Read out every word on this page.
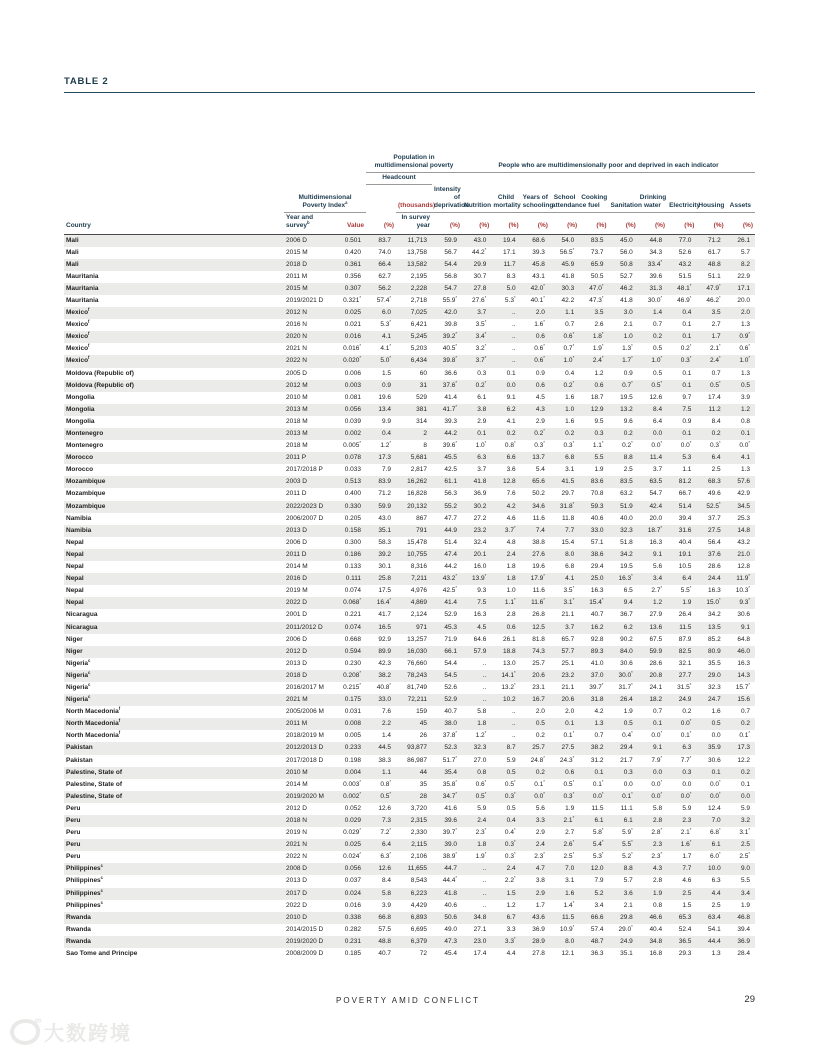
TABLE 2
			Population in multidimensional poverty			People who are multidimensionally poor and deprived in each indicator									
			Headcount												
	Multidimensional Poverty Index$^a$			(thousands)	Intensity of deprivation	Nutrition	Child mortality	Years of schooling	School attendance	Cooking fuel	Sanitation	Drinking water	Electricity	Housing	Assets
Country	Year and survey$^b$	Value	(%)	In survey year	(%)	(%)	(%)	(%)	(%)	(%)	(%)	(%)	(%)	(%)	(%)
Mali	2006 D	0.501	83.7	11,713	59.9	43.0	19.4	68.6	54.0	83.5	45.0	44.8	77.0	71.2	26.1
Mali	2015 M	0.420	74.0	13,758	56.7	44.2*	17.1	39.3	56.5*	73.7	56.0	34.3	52.6	61.7	5.7
Mali	2018 D	0.361	66.4	13,582	54.4	29.9	11.7	45.8	45.9	65.9	50.8	33.4*	43.2	48.8	8.2
Mauritania	2011 M	0.356	62.7	2,195	56.8	30.7	8.3	43.1	41.8	50.5	52.7	39.6	51.5	51.1	22.9
Mauritania	2015 M	0.307	56.2	2,228	54.7	27.8	5.0	42.0*	30.3	47.0*	46.2	31.3	48.1*	47.9*	17.1
Mauritania	2019/2021 D	0.321*	57.4*	2,718	55.9*	27.6*	5.3*	40.1*	42.2	47.3*	41.8	30.0*	46.9*	46.2*	20.0
Mexico$^f$	2012 N	0.025	6.0	7,025	42.0	3.7	..	2.0	1.1	3.5	3.0	1.4	0.4	3.5	2.0
Mexico$^f$	2016 N	0.021	5.3*	6,421	39.8	3.5*	..	1.6*	0.7	2.6	2.1	0.7	0.1	2.7	1.3
Mexico$^f$	2020 N	0.016	4.1	5,245	39.2*	3.4*	..	0.6	0.6*	1.8*	1.0	0.2	0.1	1.7	0.9*
Mexico$^f$	2021 N	0.016*	4.1*	5,203	40.5*	3.2*	..	0.6*	0.7*	1.9*	1.3*	0.5	0.2*	2.1*	0.6*
Mexico$^f$	2022 N	0.020*	5.0*	6,434	39.8*	3.7*	..	0.6*	1.0*	2.4*	1.7*	1.0*	0.3*	2.4*	1.0*
Moldova (Republic of)	2005 D	0.006	1.5	60	36.6	0.3	0.1	0.9	0.4	1.2	0.9	0.5	0.1	0.7	1.3
Moldova (Republic of)	2012 M	0.003	0.9	31	37.6*	0.2*	0.0	0.6	0.2*	0.6	0.7*	0.5*	0.1	0.5*	0.5
Mongolia	2010 M	0.081	19.6	529	41.4	6.1	9.1	4.5	1.6	18.7	19.5	12.6	9.7	17.4	3.9
Mongolia	2013 M	0.056	13.4	381	41.7*	3.8	6.2	4.3	1.0	12.9	13.2	8.4	7.5	11.2	1.2
Mongolia	2018 M	0.039	9.9	314	39.3	2.9	4.1	2.9	1.6	9.5	9.6	6.4	0.9	8.4	0.8
Montenegro	2013 M	0.002	0.4	2	44.2	0.1	0.2	0.2*	0.2	0.3	0.2	0.0	0.1	0.2	0.1
Montenegro	2018 M	0.005*	1.2*	8	39.6*	1.0*	0.8*	0.3*	0.3*	1.1*	0.2*	0.0*	0.0*	0.3*	0.0*
Morocco	2011 P	0.078	17.3	5,681	45.5	6.3	6.6	13.7	6.8	5.5	8.8	11.4	5.3	6.4	4.1
Morocco	2017/2018 P	0.033	7.9	2,817	42.5	3.7	3.6	5.4	3.1	1.9	2.5	3.7	1.1	2.5	1.3
Mozambique	2003 D	0.513	83.9	16,262	61.1	41.8	12.8	65.6	41.5	83.6	83.5	63.5	81.2	68.3	57.6
Mozambique	2011 D	0.400	71.2	16,828	56.3	36.9	7.6	50.2	29.7	70.8	63.2	54.7	66.7	49.6	42.9
Mozambique	2022/2023 D	0.330	59.9	20,132	55.2	30.2	4.2	34.6	31.8*	59.3	51.9	42.4	51.4	52.5*	34.5
Namibia	2006/2007 D	0.205	43.0	867	47.7	27.2	4.6	11.6	11.8	40.6	40.0	20.0	39.4	37.7	25.3
Namibia	2013 D	0.158	35.1	791	44.9	23.2	3.7*	7.4	7.7	33.0	32.3	18.7*	31.6	27.5	14.8
Nepal	2006 D	0.300	58.3	15,478	51.4	32.4	4.8	38.8	15.4	57.1	51.8	16.3	40.4	56.4	43.2
Nepal	2011 D	0.186	39.2	10,755	47.4	20.1	2.4	27.6	8.0	38.6	34.2	9.1	19.1	37.6	21.0
Nepal	2014 M	0.133	30.1	8,316	44.2	16.0	1.8	19.6	6.8	29.4	19.5	5.6	10.5	28.6	12.8
Nepal	2016 D	0.111	25.8	7,211	43.2*	13.9*	1.8	17.9*	4.1	25.0	16.3*	3.4	6.4	24.4	11.9*
Nepal	2019 M	0.074	17.5	4,976	42.5*	9.3	1.0	11.6	3.5*	16.3	6.5	2.7*	5.5*	16.3	10.3*
Nepal	2022 D	0.068*	16.4*	4,869	41.4	7.5	1.1*	11.6*	3.1*	15.4*	9.4	1.2	1.9	15.0*	9.3*
Nicaragua	2001 D	0.221	41.7	2,124	52.9	16.3	2.8	26.8	21.1	40.7	36.7	27.9	26.4	34.2	30.6
Nicaragua	2011/2012 D	0.074	16.5	971	45.3	4.5	0.6	12.5	3.7	16.2	6.2	13.6	11.5	13.5	9.1
Niger	2006 D	0.668	92.9	13,257	71.9	64.6	26.1	81.8	65.7	92.8	90.2	67.5	87.9	85.2	64.8
Niger	2012 D	0.594	89.9	16,030	66.1	57.9	18.8	74.3	57.7	89.3	84.0	59.9	82.5	80.9	46.0
Nigeria$^c$	2013 D	0.230	42.3	76,660	54.4	..	13.0	25.7	25.1	41.0	30.6	28.6	32.1	35.5	16.3
Nigeria$^c$	2018 D	0.208*	38.2	78,243	54.5	..	14.1*	20.6	23.2	37.0	30.0*	20.8	27.7	29.0	14.3
Nigeria$^c$	2016/2017 M	0.215*	40.8*	81,749	52.6	..	13.2*	23.1	21.1	39.7*	31.7*	24.1	31.5*	32.3	15.7*
Nigeria$^c$	2021 M	0.175	33.0	72,211	52.9	..	10.2	16.7	20.6	31.8	26.4	18.2	24.9	24.7	15.6
North Macedonia$^f$	2005/2006 M	0.031	7.6	159	40.7	5.8	..	2.0	2.0	4.2	1.9	0.7	0.2	1.6	0.7
North Macedonia$^f$	2011 M	0.008	2.2	45	38.0	1.8	..	0.5	0.1	1.3	0.5	0.1	0.0*	0.5	0.2
North Macedonia$^f$	2018/2019 M	0.005	1.4	26	37.8*	1.2*	..	0.2	0.1*	0.7	0.4*	0.0*	0.1*	0.0	0.1*
Pakistan	2012/2013 D	0.233	44.5	93,877	52.3	32.3	8.7	25.7	27.5	38.2	29.4	9.1	6.3	35.9	17.3
Pakistan	2017/2018 D	0.198	38.3	86,987	51.7*	27.0	5.9	24.8*	24.3*	31.2	21.7	7.9*	7.7*	30.6	12.2
Palestine, State of	2010 M	0.004	1.1	44	35.4	0.8	0.5	0.2	0.6	0.1	0.3	0.0	0.3	0.1	0.2
Palestine, State of	2014 M	0.003*	0.8*	35	35.8*	0.6*	0.5*	0.1*	0.5*	0.1*	0.0	0.0*	0.0	0.0*	0.1
Palestine, State of	2019/2020 M	0.002*	0.5*	28	34.7*	0.5*	0.3*	0.0*	0.3*	0.0*	0.1*	0.0*	0.0*	0.0*	0.0
Peru	2012 D	0.052	12.6	3,720	41.6	5.9	0.5	5.6	1.9	11.5	11.1	5.8	5.9	12.4	5.9
Peru	2018 N	0.029	7.3	2,315	39.6	2.4	0.4	3.3	2.1*	6.1	6.1	2.8	2.3	7.0	3.2
Peru	2019 N	0.029*	7.2*	2,330	39.7*	2.3*	0.4*	2.9	2.7	5.8*	5.9*	2.8*	2.1*	6.8*	3.1*
Peru	2021 N	0.025	6.4	2,115	39.0	1.8	0.3*	2.4	2.6*	5.4*	5.5*	2.3	1.6*	6.1	2.5
Peru	2022 N	0.024*	6.3*	2,106	38.9*	1.9*	0.3*	2.3*	2.5*	5.3*	5.2*	2.3*	1.7	6.0*	2.5*
Philippines$^c$	2008 D	0.056	12.6	11,655	44.7	..	2.4	4.7	7.0	12.0	8.8	4.3	7.7	10.0	9.0
Philippines$^c$	2013 D	0.037	8.4	8,543	44.4*	..	2.2*	3.8	3.1	7.9	5.7	2.8	4.6	6.3	5.5
Philippines$^c$	2017 D	0.024	5.8	6,223	41.8	..	1.5	2.9	1.6	5.2	3.6	1.9	2.5	4.4	3.4
Philippines$^c$	2022 D	0.016	3.9	4,429	40.6	..	1.2	1.7	1.4*	3.4	2.1	0.8	1.5	2.5	1.9
Rwanda	2010 D	0.338	66.8	6,893	50.6	34.8	6.7	43.6	11.5	66.6	29.8	46.6	65.3	63.4	46.8
Rwanda	2014/2015 D	0.282	57.5	6,695	49.0	27.1	3.3	36.9	10.9*	57.4	29.0*	40.4	52.4	54.1	39.4
Rwanda	2019/2020 D	0.231	48.8	6,379	47.3	23.0	3.3*	28.9	8.0	48.7	24.9	34.8	36.5	44.4	36.9
Sao Tome and Principe	2008/2009 D	0.185	40.7	72	45.4	17.4	4.4	27.8	12.1	36.3	35.1	16.8	29.3	1.3	28.4
POVERTY AMID CONFLICT	29
°°
大数跨境
